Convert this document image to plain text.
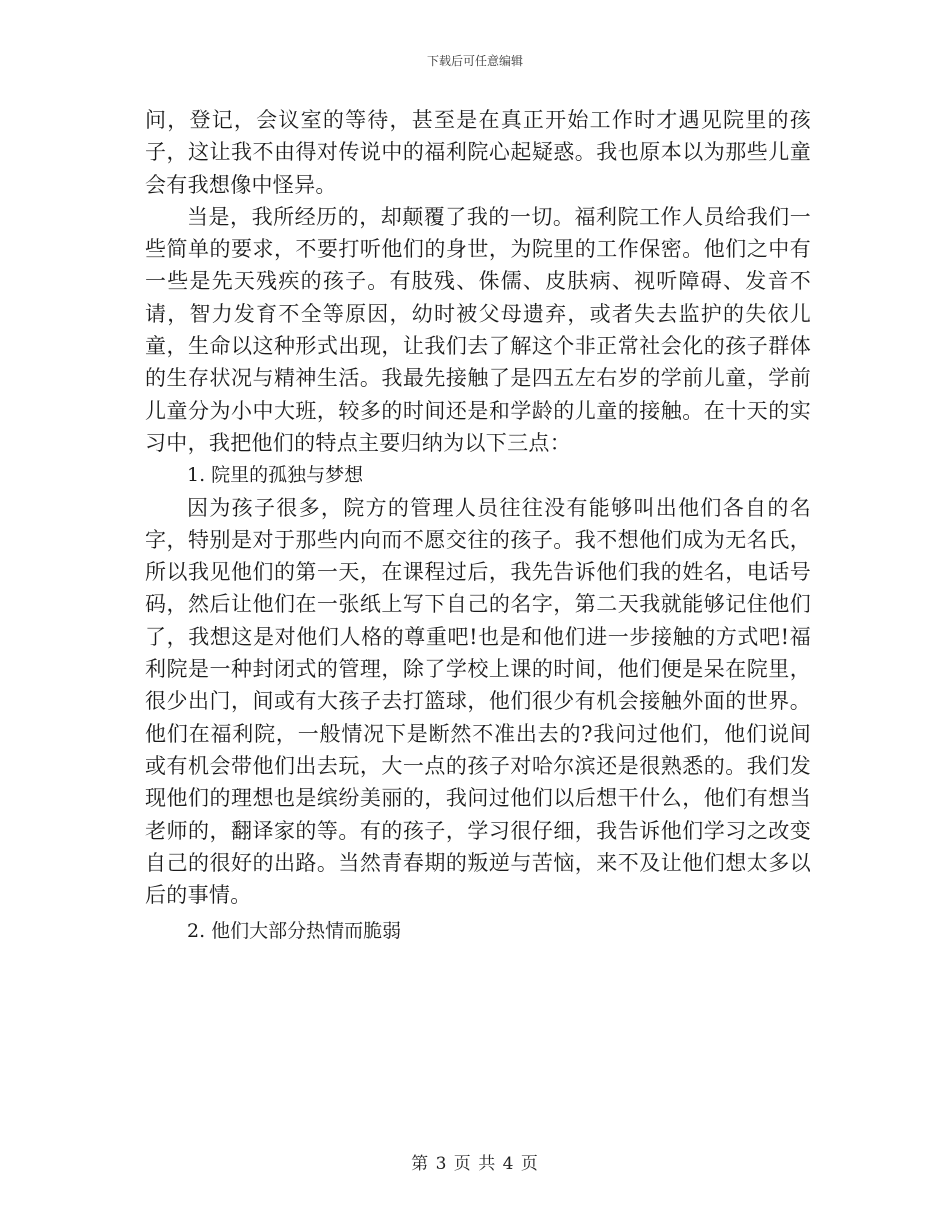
下载后可任意编辑

问，登记，会议室的等待，甚至是在真正开始工作时才遇见院里的孩子，这让我不由得对传说中的福利院心起疑惑。我也原本以为那些儿童会有我想像中怪异。

当是，我所经历的，却颠覆了我的一切。福利院工作人员给我们一些简单的要求，不要打听他们的身世，为院里的工作保密。他们之中有一些是先天残疾的孩子。有肢残、侏儒、皮肤病、视听障碍、发音不请，智力发育不全等原因，幼时被父母遗弃，或者失去监护的失依儿童，生命以这种形式出现，让我们去了解这个非正常社会化的孩子群体的生存状况与精神生活。我最先接触了是四五左右岁的学前儿童，学前儿童分为小中大班，较多的时间还是和学龄的儿童的接触。在十天的实习中，我把他们的特点主要归纳为以下三点：

1. 院里的孤独与梦想

因为孩子很多，院方的管理人员往往没有能够叫出他们各自的名字，特别是对于那些内向而不愿交往的孩子。我不想他们成为无名氏，所以我见他们的第一天，在课程过后，我先告诉他们我的姓名，电话号码，然后让他们在一张纸上写下自己的名字，第二天我就能够记住他们了，我想这是对他们人格的尊重吧!也是和他们进一步接触的方式吧!福利院是一种封闭式的管理，除了学校上课的时间，他们便是呆在院里，很少出门，间或有大孩子去打篮球，他们很少有机会接触外面的世界。他们在福利院，一般情况下是断然不准出去的?我问过他们，他们说间或有机会带他们出去玩，大一点的孩子对哈尔滨还是很熟悉的。我们发现他们的理想也是缤纷美丽的，我问过他们以后想干什么，他们有想当老师的，翻译家的等。有的孩子，学习很仔细，我告诉他们学习之改变自己的很好的出路。当然青春期的叛逆与苦恼，来不及让他们想太多以后的事情。

2. 他们大部分热情而脆弱

第 3 页 共 4 页
